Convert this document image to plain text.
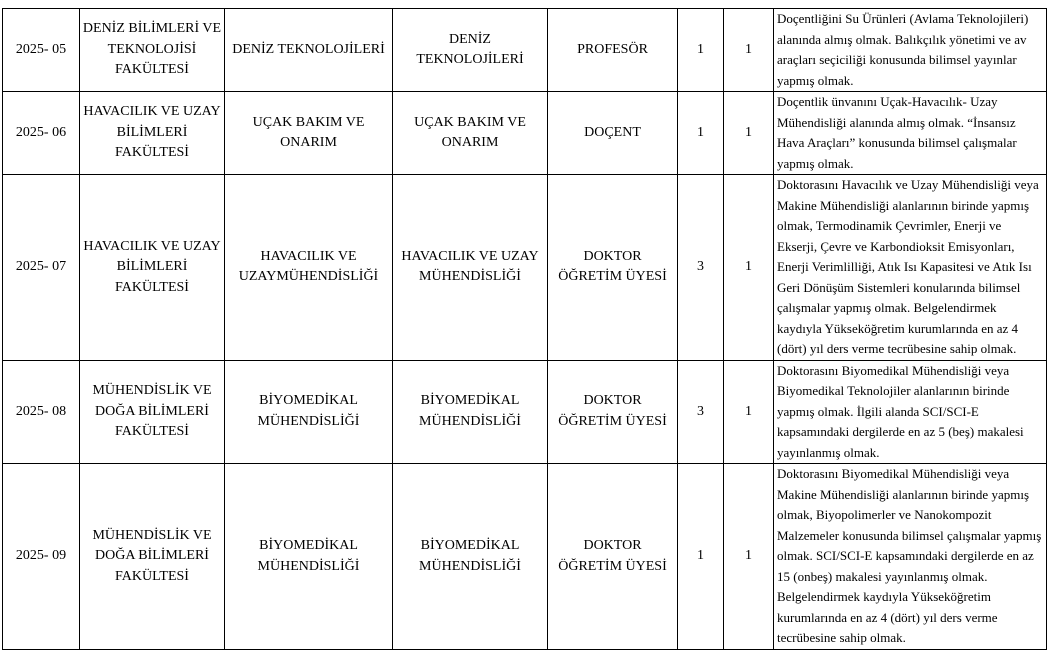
2025- 05	DENİZ BİLİMLERİ VE TEKNOLOJİSİ FAKÜLTESİ	DENİZ TEKNOLOJİLERİ	DENİZ TEKNOLOJİLERİ	PROFESÖR	1	1	Doçentliğini Su Ürünleri (Avlama Teknolojileri) alanında almış olmak. Balıkçılık yönetimi ve av araçları seçiciliği konusunda bilimsel yayınlar yapmış olmak.
2025- 06	HAVACILIK VE UZAY BİLİMLERİ FAKÜLTESİ	UÇAK BAKIM VE ONARIM	UÇAK BAKIM VE ONARIM	DOÇENT	1	1	Doçentlik ünvanını Uçak-Havacılık- Uzay Mühendisliği alanında almış olmak. “İnsansız Hava Araçları” konusunda bilimsel çalışmalar yapmış olmak.
2025- 07	HAVACILIK VE UZAY BİLİMLERİ FAKÜLTESİ	HAVACILIK VE UZAYMÜHENDİSLİĞİ	HAVACILIK VE UZAY MÜHENDİSLİĞİ	DOKTOR ÖĞRETİM ÜYESİ	3	1	Doktorasını Havacılık ve Uzay Mühendisliği veya Makine Mühendisliği alanlarının birinde yapmış olmak, Termodinamik Çevrimler, Enerji ve Ekserji, Çevre ve Karbondioksit Emisyonları, Enerji Verimlilliği, Atık Isı Kapasitesi ve Atık Isı Geri Dönüşüm Sistemleri konularında bilimsel çalışmalar yapmış olmak. Belgelendirmek kaydıyla Yükseköğretim kurumlarında en az 4 (dört) yıl ders verme tecrübesine sahip olmak.
2025- 08	MÜHENDİSLİK VE DOĞA BİLİMLERİ FAKÜLTESİ	BİYOMEDİKAL MÜHENDİSLİĞİ	BİYOMEDİKAL MÜHENDİSLİĞİ	DOKTOR ÖĞRETİM ÜYESİ	3	1	Doktorasını Biyomedikal Mühendisliği veya Biyomedikal Teknolojiler alanlarının birinde yapmış olmak. İlgili alanda SCI/SCI-E kapsamındaki dergilerde en az 5 (beş) makalesi yayınlanmış olmak.
2025- 09	MÜHENDİSLİK VE DOĞA BİLİMLERİ FAKÜLTESİ	BİYOMEDİKAL MÜHENDİSLİĞİ	BİYOMEDİKAL MÜHENDİSLİĞİ	DOKTOR ÖĞRETİM ÜYESİ	1	1	Doktorasını Biyomedikal Mühendisliği veya Makine Mühendisliği alanlarının birinde yapmış olmak, Biyopolimerler ve Nanokompozit Malzemeler konusunda bilimsel çalışmalar yapmış olmak. SCI/SCI-E kapsamındaki dergilerde en az 15 (onbeş) makalesi yayınlanmış olmak. Belgelendirmek kaydıyla Yükseköğretim kurumlarında en az 4 (dört) yıl ders verme tecrübesine sahip olmak.
